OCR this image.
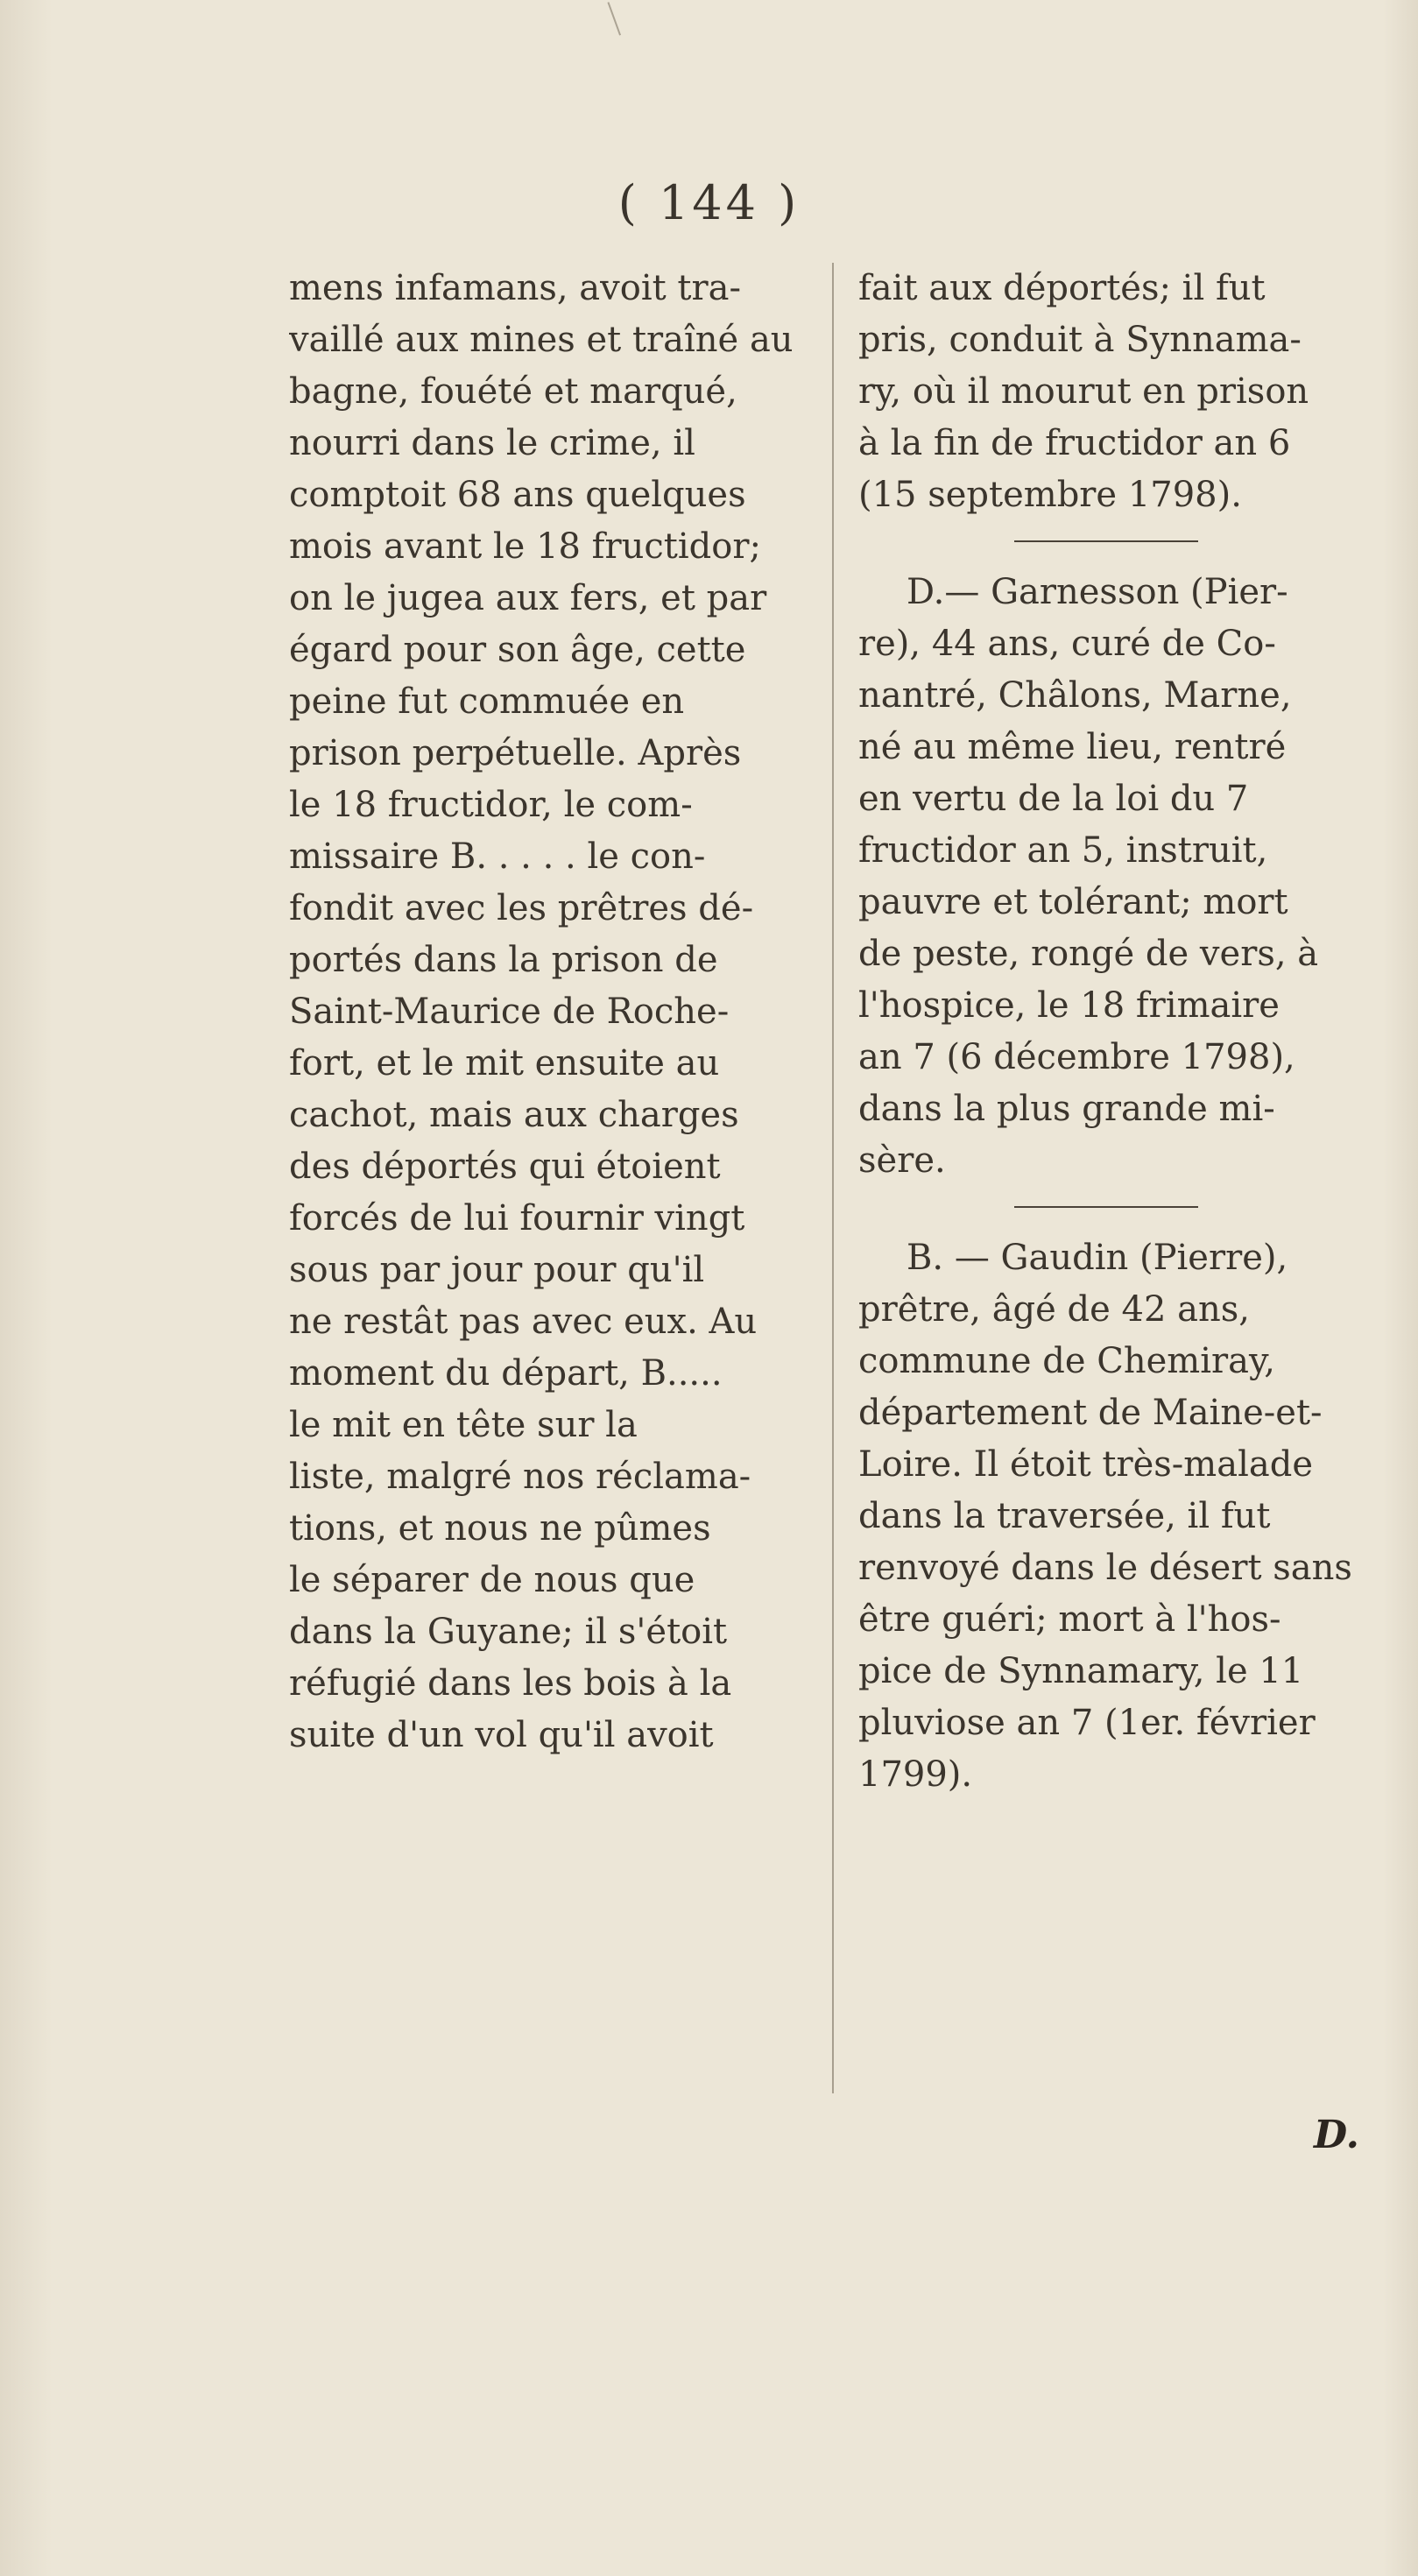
( 144 )
mens infamans, avoit tra-
vaillé aux mines et traîné au
bagne, fouété et marqué,
nourri dans le crime, il
comptoit 68 ans quelques
mois avant le 18 fructidor;
on le jugea aux fers, et par
égard pour son âge, cette
peine fut commuée en
prison perpétuelle. Après
le 18 fructidor, le com-
missaire B. . . . . le con-
fondit avec les prêtres dé-
portés dans la prison de
Saint-Maurice de Roche-
fort, et le mit ensuite au
cachot, mais aux charges
des déportés qui étoient
forcés de lui fournir vingt
sous par jour pour qu'il
ne restât pas avec eux. Au
moment du départ, B.....
le mit en tête sur la
liste, malgré nos réclama-
tions, et nous ne pûmes
le séparer de nous que
dans la Guyane; il s'étoit
réfugié dans les bois à la
suite d'un vol qu'il avoit
fait aux déportés; il fut
pris, conduit à Synnama-
ry, où il mourut en prison
à la fin de fructidor an 6
(15 septembre 1798).
D.— Garnesson (Pier-
re), 44 ans, curé de Co-
nantré, Châlons, Marne,
né au même lieu, rentré
en vertu de la loi du 7
fructidor an 5, instruit,
pauvre et tolérant; mort
de peste, rongé de vers, à
l'hospice, le 18 frimaire
an 7 (6 décembre 1798),
dans la plus grande mi-
sère.
B. — Gaudin (Pierre),
prêtre, âgé de 42 ans,
commune de Chemiray,
département de Maine-et-
Loire. Il étoit très-malade
dans la traversée, il fut
renvoyé dans le désert sans
être guéri; mort à l'hos-
pice de Synnamary, le 11
pluviose an 7 (1er. février
1799).
D.
